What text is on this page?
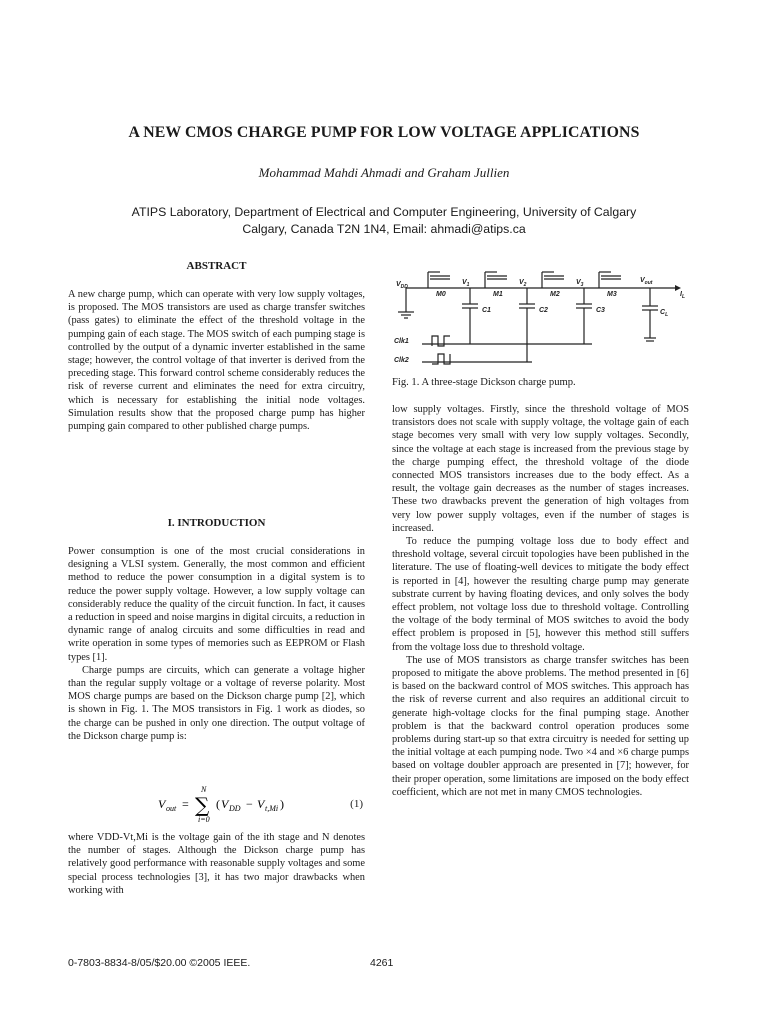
A NEW CMOS CHARGE PUMP FOR LOW VOLTAGE APPLICATIONS
Mohammad Mahdi Ahmadi and Graham Jullien
ATIPS Laboratory, Department of Electrical and Computer Engineering, University of Calgary
Calgary, Canada T2N 1N4, Email: ahmadi@atips.ca
ABSTRACT

A new charge pump, which can operate with very low supply voltages, is proposed. The MOS transistors are used as charge transfer switches (pass gates) to eliminate the effect of the threshold voltage in the pumping gain of each stage. The MOS switch of each pumping stage is controlled by the output of a dynamic inverter established in the same stage; however, the control voltage of that inverter is derived from the preceding stage. This forward control scheme considerably reduces the risk of reverse current and eliminates the need for extra circuitry, which is necessary for establishing the initial node voltages. Simulation results show that the proposed charge pump has higher pumping gain compared to other published charge pumps.

I. INTRODUCTION

Power consumption is one of the most crucial considerations in designing a VLSI system. Generally, the most common and efficient method to reduce the power consumption in a digital system is to reduce the power supply voltage. However, a low supply voltage can considerably reduce the quality of the circuit function. In fact, it causes a reduction in speed and noise margins in digital circuits, a reduction in dynamic range of analog circuits and some difficulties in read and write operation in some types of memories such as EEPROM or Flash types [1].

Charge pumps are circuits, which can generate a voltage higher than the regular supply voltage or a voltage of reverse polarity. Most MOS charge pumps are based on the Dickson charge pump [2], which is shown in Fig. 1. The MOS transistors in Fig. 1 work as diodes, so the charge can be pushed in only one direction. The output voltage of the Dickson charge pump is:

V out = ∑
N
i=0
( V DD − V t,Mi )	(1)

where VDD-Vt,Mi is the voltage gain of the ith stage and N denotes the number of stages. Although the Dickson charge pump has relatively good performance with reasonable supply voltages and some special process technologies [3], it has two major drawbacks when working with

$V_{DD}$
$V_1$	$V_2$	$V_3$
$V_{out}$
$I_L$
M0	M1	M2	M3
C1	C2	C3	$C_L$
Clk1
Clk2
Fig. 1. A three-stage Dickson charge pump.

low supply voltages. Firstly, since the threshold voltage of MOS transistors does not scale with supply voltage, the voltage gain of each stage becomes very small with very low supply voltages. Secondly, since the voltage at each stage is increased from the previous stage by the charge pumping effect, the threshold voltage of the diode connected MOS transistors increases due to the body effect. As a result, the voltage gain decreases as the number of stages increases. These two drawbacks prevent the generation of high voltages from very low power supply voltages, even if the number of stages is increased.

To reduce the pumping voltage loss due to body effect and threshold voltage, several circuit topologies have been published in the literature. The use of floating-well devices to mitigate the body effect is reported in [4], however the resulting charge pump may generate substrate current by having floating devices, and only solves the body effect problem, not voltage loss due to threshold voltage. Controlling the voltage of the body terminal of MOS switches to avoid the body effect problem is proposed in [5], however this method still suffers from the voltage loss due to threshold voltage.

The use of MOS transistors as charge transfer switches has been proposed to mitigate the above problems. The method presented in [6] is based on the backward control of MOS switches. This approach has the risk of reverse current and also requires an additional circuit to generate high-voltage clocks for the final pumping stage. Another problem is that the backward control operation produces some problems during start-up so that extra circuitry is needed for setting up the initial voltage at each pumping node. Two ×4 and ×6 charge pumps based on voltage doubler approach are presented in [7]; however, for their proper operation, some limitations are imposed on the body effect coefficient, which are not met in many CMOS technologies.

0-7803-8834-8/05/$20.00 ©2005 IEEE.	4261
